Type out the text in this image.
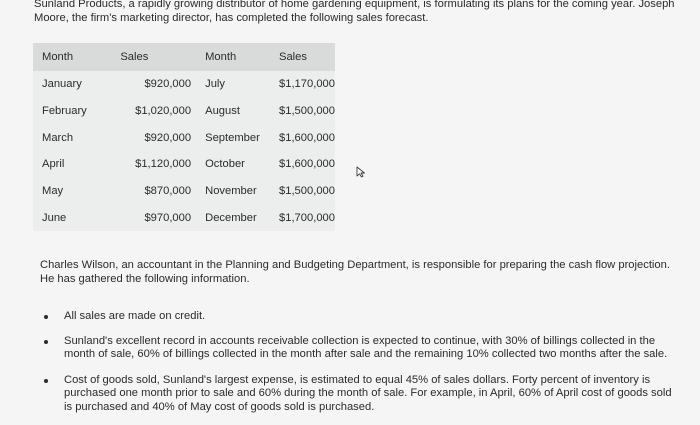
Sunland Products, a rapidly growing distributor of home gardening equipment, is formulating its plans for the coming year. Joseph Moore, the firm's marketing director, has completed the following sales forecast.

Month	Sales	Month	Sales
January	$920,000	July	$1,170,000
February	$1,020,000	August	$1,500,000
March	$920,000	September	$1,600,000
April	$1,120,000	October	$1,600,000
May	$870,000	November	$1,500,000
June	$970,000	December	$1,700,000

Charles Wilson, an accountant in the Planning and Budgeting Department, is responsible for preparing the cash flow projection. He has gathered the following information.

All sales are made on credit.
Sunland's excellent record in accounts receivable collection is expected to continue, with 30% of billings collected in the month of sale, 60% of billings collected in the month after sale and the remaining 10% collected two months after the sale.
Cost of goods sold, Sunland's largest expense, is estimated to equal 45% of sales dollars. Forty percent of inventory is purchased one month prior to sale and 60% during the month of sale. For example, in April, 60% of April cost of goods sold is purchased and 40% of May cost of goods sold is purchased.
